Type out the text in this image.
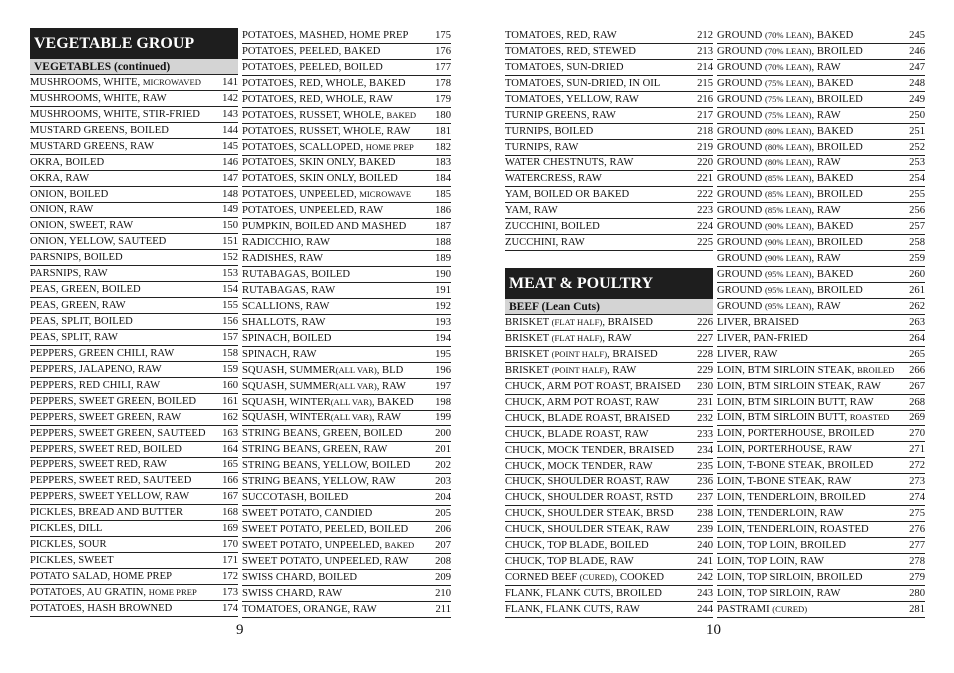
VEGETABLE GROUP
VEGETABLES (continued)
MUSHROOMS, WHITE, MICROWAVED	141
MUSHROOMS, WHITE, RAW	142
MUSHROOMS, WHITE, STIR-FRIED	143
MUSTARD GREENS, BOILED	144
MUSTARD GREENS, RAW	145
OKRA, BOILED	146
OKRA, RAW	147
ONION, BOILED	148
ONION, RAW	149
ONION, SWEET, RAW	150
ONION, YELLOW, SAUTEED	151
PARSNIPS, BOILED	152
PARSNIPS, RAW	153
PEAS, GREEN, BOILED	154
PEAS, GREEN, RAW	155
PEAS, SPLIT, BOILED	156
PEAS, SPLIT, RAW	157
PEPPERS, GREEN CHILI, RAW	158
PEPPERS, JALAPENO, RAW	159
PEPPERS, RED CHILI, RAW	160
PEPPERS, SWEET GREEN, BOILED	161
PEPPERS, SWEET GREEN, RAW	162
PEPPERS, SWEET GREEN, SAUTEED	163
PEPPERS, SWEET RED, BOILED	164
PEPPERS, SWEET RED, RAW	165
PEPPERS, SWEET RED, SAUTEED	166
PEPPERS, SWEET YELLOW, RAW	167
PICKLES, BREAD AND BUTTER	168
PICKLES, DILL	169
PICKLES, SOUR	170
PICKLES, SWEET	171
POTATO SALAD, HOME PREP	172
POTATOES, AU GRATIN, HOME PREP	173
POTATOES, HASH BROWNED	174
POTATOES, MASHED, HOME PREP	175
POTATOES, PEELED, BAKED	176
POTATOES, PEELED, BOILED	177
POTATOES, RED, WHOLE, BAKED	178
POTATOES, RED, WHOLE, RAW	179
POTATOES, RUSSET, WHOLE, BAKED	180
POTATOES, RUSSET, WHOLE, RAW	181
POTATOES, SCALLOPED, HOME PREP	182
POTATOES, SKIN ONLY, BAKED	183
POTATOES, SKIN ONLY, BOILED	184
POTATOES, UNPEELED, MICROWAVE	185
POTATOES, UNPEELED, RAW	186
PUMPKIN, BOILED AND MASHED	187
RADICCHIO, RAW	188
RADISHES, RAW	189
RUTABAGAS, BOILED	190
RUTABAGAS, RAW	191
SCALLIONS, RAW	192
SHALLOTS, RAW	193
SPINACH, BOILED	194
SPINACH, RAW	195
SQUASH, SUMMER(ALL VAR), BLD	196
SQUASH, SUMMER(ALL VAR), RAW	197
SQUASH, WINTER(ALL VAR), BAKED	198
SQUASH, WINTER(ALL VAR), RAW	199
STRING BEANS, GREEN, BOILED	200
STRING BEANS, GREEN, RAW	201
STRING BEANS, YELLOW, BOILED	202
STRING BEANS, YELLOW, RAW	203
SUCCOTASH, BOILED	204
SWEET POTATO, CANDIED	205
SWEET POTATO, PEELED, BOILED	206
SWEET POTATO, UNPEELED, BAKED	207
SWEET POTATO, UNPEELED, RAW	208
SWISS CHARD, BOILED	209
SWISS CHARD, RAW	210
TOMATOES, ORANGE, RAW	211
9
TOMATOES, RED, RAW	212
TOMATOES, RED, STEWED	213
TOMATOES, SUN-DRIED	214
TOMATOES, SUN-DRIED, IN OIL	215
TOMATOES, YELLOW, RAW	216
TURNIP GREENS, RAW	217
TURNIPS, BOILED	218
TURNIPS, RAW	219
WATER CHESTNUTS, RAW	220
WATERCRESS, RAW	221
YAM, BOILED OR BAKED	222
YAM, RAW	223
ZUCCHINI, BOILED	224
ZUCCHINI, RAW	225
MEAT & POULTRY
BEEF (Lean Cuts)
BRISKET (FLAT HALF), BRAISED	226
BRISKET (FLAT HALF), RAW	227
BRISKET (POINT HALF), BRAISED	228
BRISKET (POINT HALF), RAW	229
CHUCK, ARM POT ROAST, BRAISED	230
CHUCK, ARM POT ROAST, RAW	231
CHUCK, BLADE ROAST, BRAISED	232
CHUCK, BLADE ROAST, RAW	233
CHUCK, MOCK TENDER, BRAISED	234
CHUCK, MOCK TENDER, RAW	235
CHUCK, SHOULDER ROAST, RAW	236
CHUCK, SHOULDER ROAST, RSTD	237
CHUCK, SHOULDER STEAK, BRSD	238
CHUCK, SHOULDER STEAK, RAW	239
CHUCK, TOP BLADE, BOILED	240
CHUCK, TOP BLADE, RAW	241
CORNED BEEF (CURED), COOKED	242
FLANK, FLANK CUTS, BROILED	243
FLANK, FLANK CUTS, RAW	244
GROUND (70% LEAN), BAKED	245
GROUND (70% LEAN), BROILED	246
GROUND (70% LEAN), RAW	247
GROUND (75% LEAN), BAKED	248
GROUND (75% LEAN), BROILED	249
GROUND (75% LEAN), RAW	250
GROUND (80% LEAN), BAKED	251
GROUND (80% LEAN), BROILED	252
GROUND (80% LEAN), RAW	253
GROUND (85% LEAN), BAKED	254
GROUND (85% LEAN), BROILED	255
GROUND (85% LEAN), RAW	256
GROUND (90% LEAN), BAKED	257
GROUND (90% LEAN), BROILED	258
GROUND (90% LEAN), RAW	259
GROUND (95% LEAN), BAKED	260
GROUND (95% LEAN), BROILED	261
GROUND (95% LEAN), RAW	262
LIVER, BRAISED	263
LIVER, PAN-FRIED	264
LIVER, RAW	265
LOIN, BTM SIRLOIN STEAK, BROILED	266
LOIN, BTM SIRLOIN STEAK, RAW	267
LOIN, BTM SIRLOIN BUTT, RAW	268
LOIN, BTM SIRLOIN BUTT, ROASTED	269
LOIN, PORTERHOUSE, BROILED	270
LOIN, PORTERHOUSE, RAW	271
LOIN, T-BONE STEAK, BROILED	272
LOIN, T-BONE STEAK, RAW	273
LOIN, TENDERLOIN, BROILED	274
LOIN, TENDERLOIN, RAW	275
LOIN, TENDERLOIN, ROASTED	276
LOIN, TOP LOIN, BROILED	277
LOIN, TOP LOIN, RAW	278
LOIN, TOP SIRLOIN, BROILED	279
LOIN, TOP SIRLOIN, RAW	280
PASTRAMI (CURED)	281
10
